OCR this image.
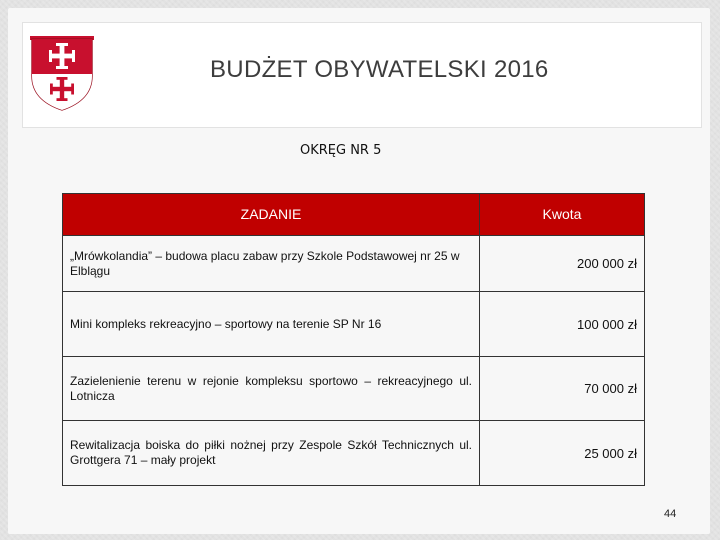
BUDŻET OBYWATELSKI 2016
OKRĘG NR 5
ZADANIE	Kwota

„Mrówkolandia” – budowa placu zabaw przy Szkole Podstawowej nr 25 w Elblągu	200 000 zł
Mini kompleks rekreacyjno – sportowy na terenie SP Nr 16	100 000 zł
Zazielenienie terenu w rejonie kompleksu sportowo – rekreacyjnego ul. Lotnicza	70 000 zł
Rewitalizacja boiska do piłki nożnej przy Zespole Szkół Technicznych ul. Grottgera 71 – mały projekt	25 000 zł
44
